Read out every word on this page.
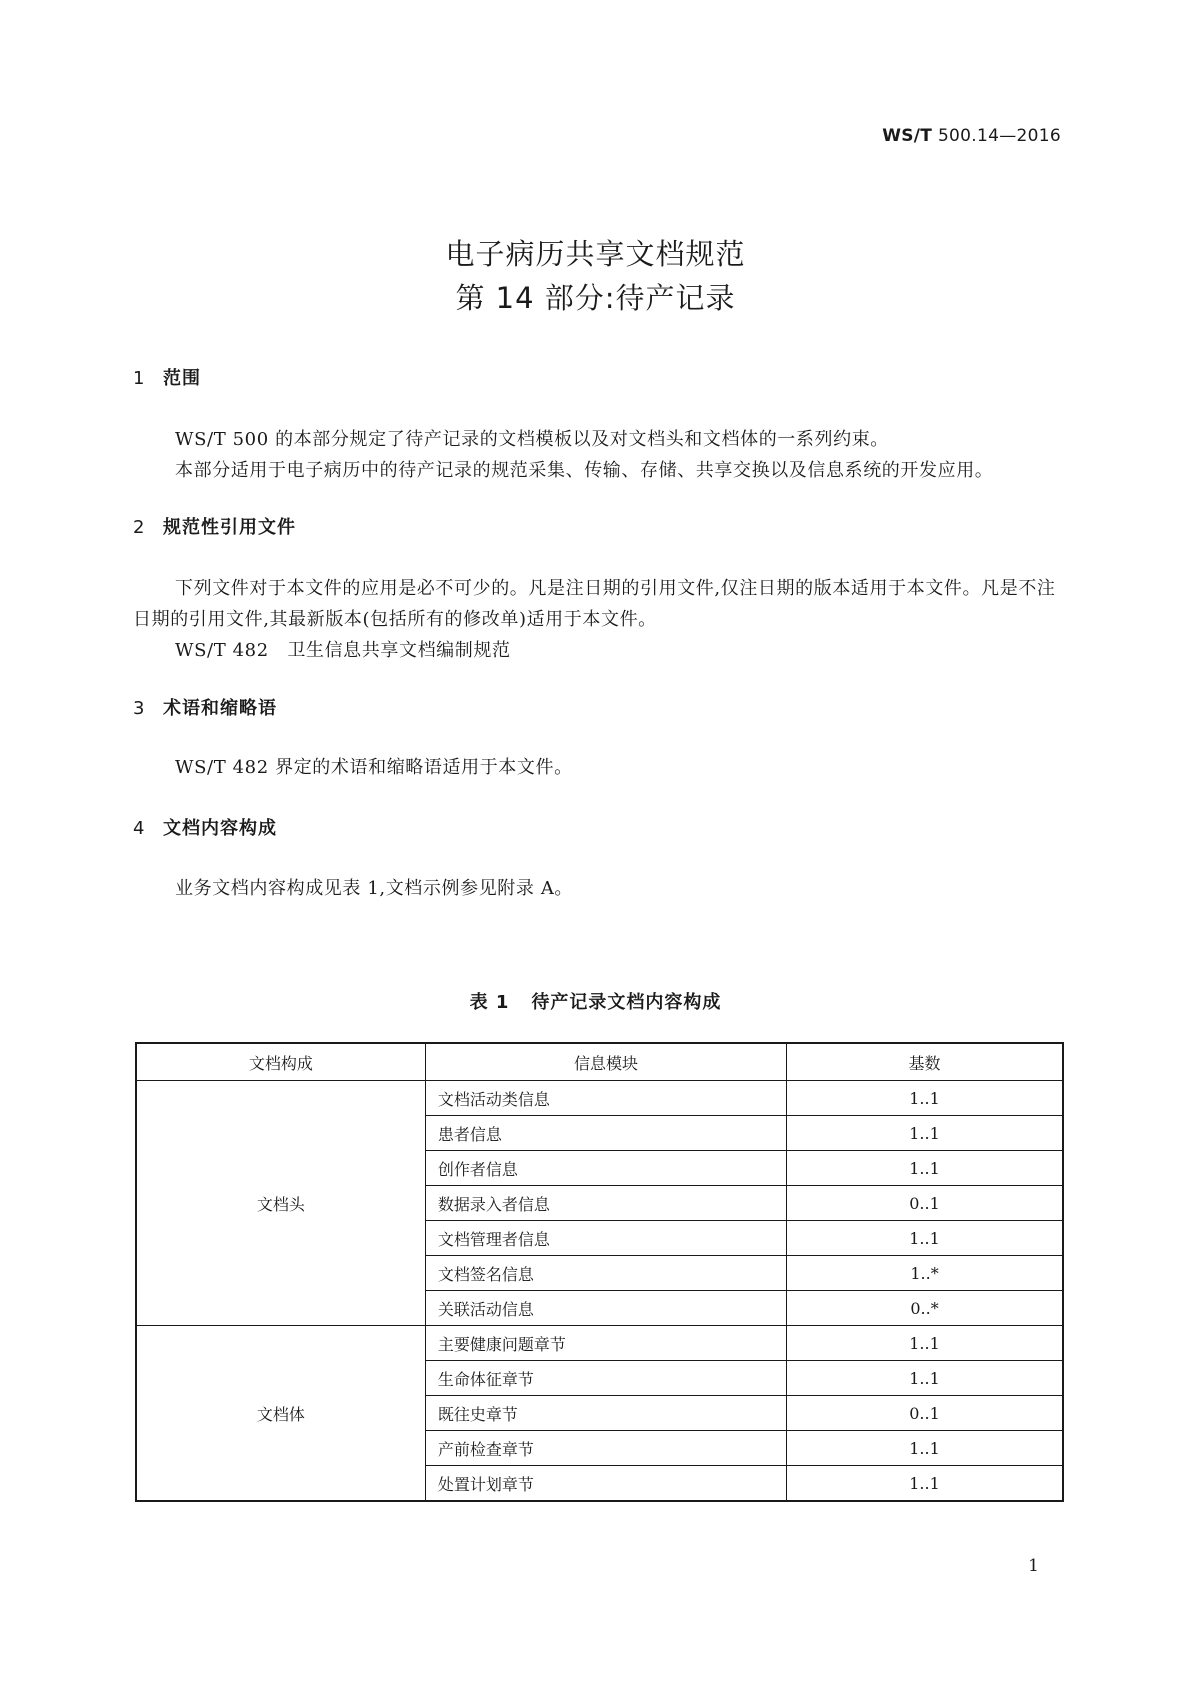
WS/T 500.14—2016
电子病历共享文档规范
第 14 部分:待产记录
1 范围
WS/T 500 的本部分规定了待产记录的文档模板以及对文档头和文档体的一系列约束。
本部分适用于电子病历中的待产记录的规范采集、传输、存储、共享交换以及信息系统的开发应用。
2 规范性引用文件
下列文件对于本文件的应用是必不可少的。凡是注日期的引用文件,仅注日期的版本适用于本文件。凡是不注日期的引用文件,其最新版本(包括所有的修改单)适用于本文件。
WS/T 482　卫生信息共享文档编制规范
3 术语和缩略语
WS/T 482 界定的术语和缩略语适用于本文件。
4 文档内容构成
业务文档内容构成见表 1,文档示例参见附录 A。
表 1 待产记录文档内容构成
文档构成	信息模块	基数
文档头	文档活动类信息	1..1
	患者信息	1..1
	创作者信息	1..1
	数据录入者信息	0..1
	文档管理者信息	1..1
	文档签名信息	1..*
	关联活动信息	0..*
文档体	主要健康问题章节	1..1
	生命体征章节	1..1
	既往史章节	0..1
	产前检查章节	1..1
	处置计划章节	1..1
1
